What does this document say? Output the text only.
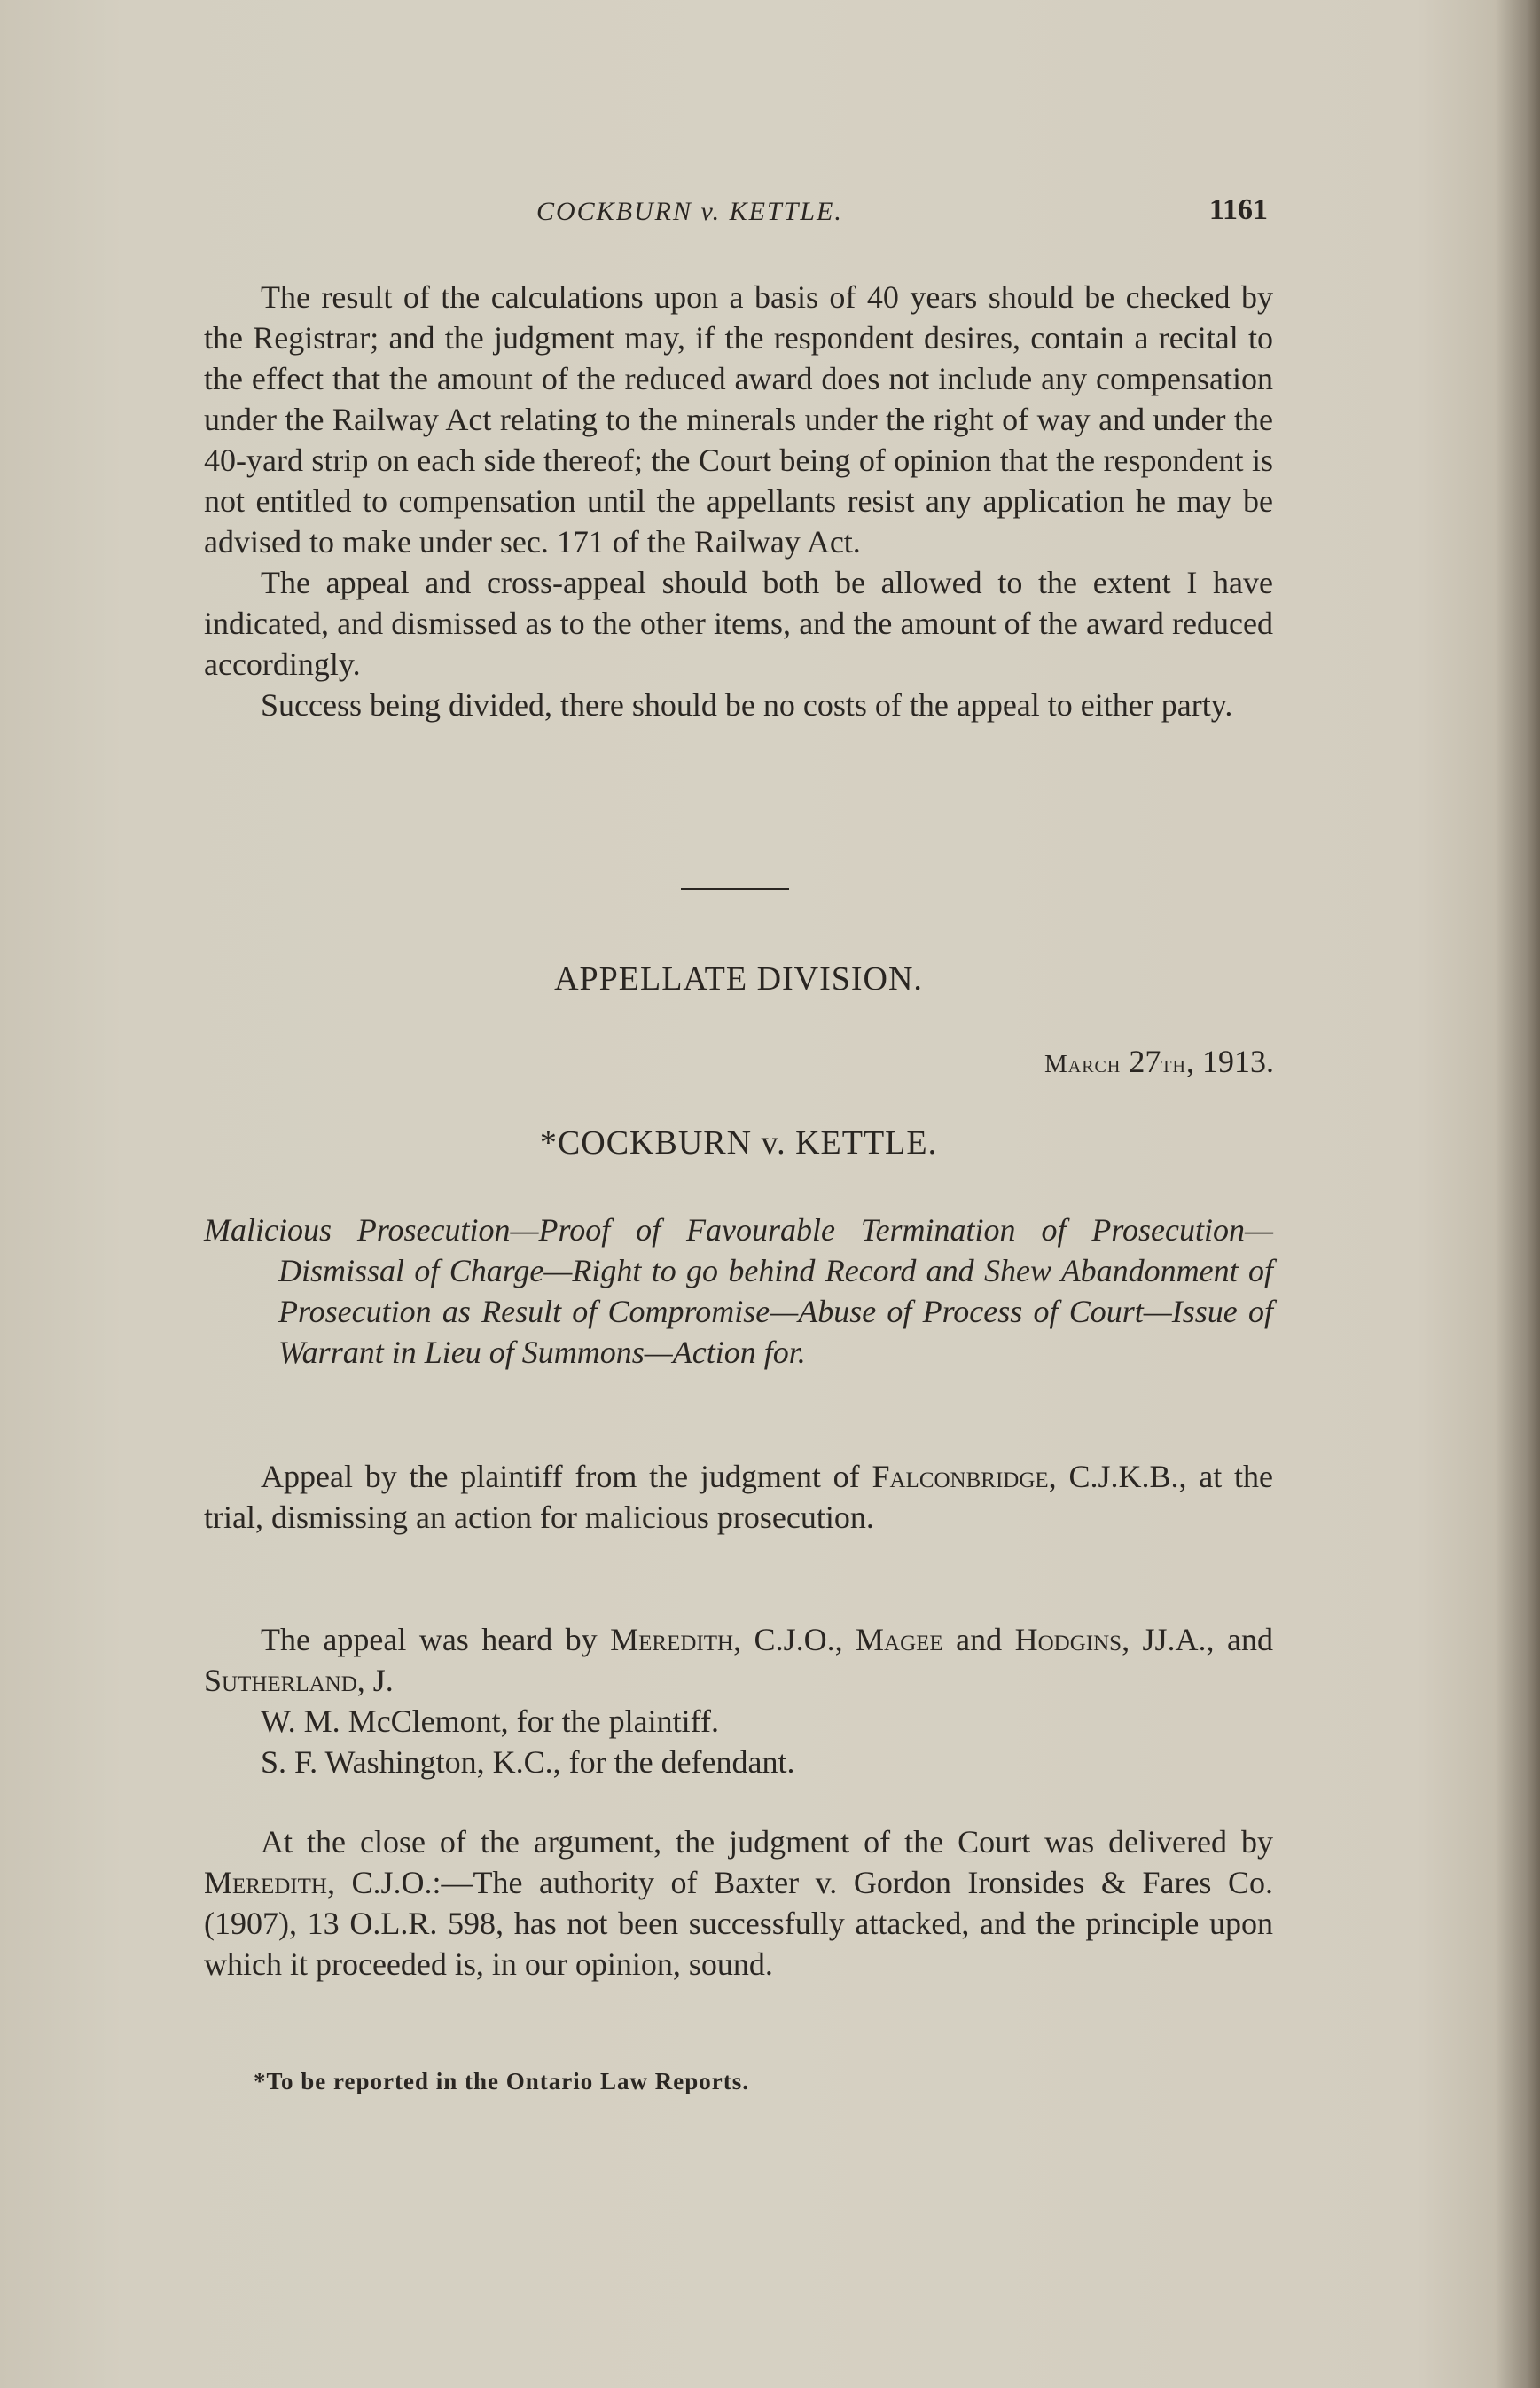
COCKBURN v. KETTLE.	1161

The result of the calculations upon a basis of 40 years should be checked by the Registrar; and the judgment may, if the respondent desires, contain a recital to the effect that the amount of the reduced award does not include any compensation under the Railway Act relating to the minerals under the right of way and under the 40-yard strip on each side thereof; the Court being of opinion that the respondent is not entitled to compensation until the appellants resist any application he may be advised to make under sec. 171 of the Railway Act.

The appeal and cross-appeal should both be allowed to the extent I have indicated, and dismissed as to the other items, and the amount of the award reduced accordingly.

Success being divided, there should be no costs of the appeal to either party.

APPELLATE DIVISION.
March 27th, 1913.
*COCKBURN v. KETTLE.
Malicious Prosecution—Proof of Favourable Termination of Prosecution—Dismissal of Charge—Right to go behind Record and Shew Abandonment of Prosecution as Result of Compromise—Abuse of Process of Court—Issue of Warrant in Lieu of Summons—Action for.

Appeal by the plaintiff from the judgment of Falconbridge, C.J.K.B., at the trial, dismissing an action for malicious prosecution.

The appeal was heard by Meredith, C.J.O., Magee and Hodgins, JJ.A., and Sutherland, J.

W. M. McClemont, for the plaintiff.

S. F. Washington, K.C., for the defendant.

At the close of the argument, the judgment of the Court was delivered by Meredith, C.J.O.:—The authority of Baxter v. Gordon Ironsides & Fares Co. (1907), 13 O.L.R. 598, has not been successfully attacked, and the principle upon which it proceeded is, in our opinion, sound.

*To be reported in the Ontario Law Reports.
